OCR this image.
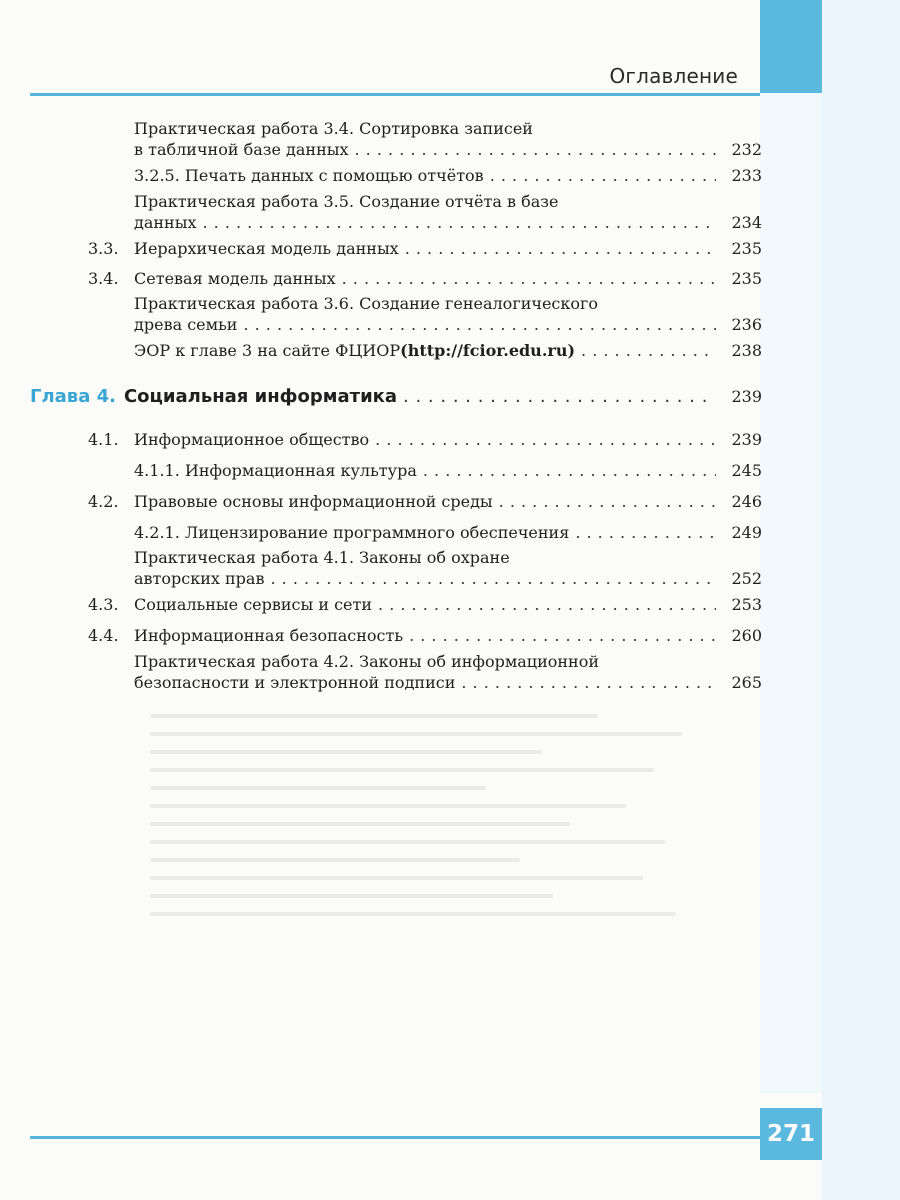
Оглавление
Практическая работа 3.4. Сортировка записей
в табличной базе данных . . .	232
3.2.5. Печать данных с помощью отчётов . . .	233
Практическая работа 3.5. Создание отчёта в базе
данных . . .	234
3.3. Иерархическая модель данных . . .	235
3.4. Сетевая модель данных . . .	235
Практическая работа 3.6. Создание генеалогического
древа семьи . . .	236
ЭОР к главе 3 на сайте ФЦИОР (http://fcior.edu.ru) . . .	238
Глава 4. Социальная информатика . . .	239
4.1. Информационное общество . . .	239
4.1.1. Информационная культура . . .	245
4.2. Правовые основы информационной среды . . .	246
4.2.1. Лицензирование программного обеспечения . . .	249
Практическая работа 4.1. Законы об охране
авторских прав . . .	252
4.3. Социальные сервисы и сети . . .	253
4.4. Информационная безопасность . . .	260
Практическая работа 4.2. Законы об информационной
безопасности и электронной подписи . . .	265
271
